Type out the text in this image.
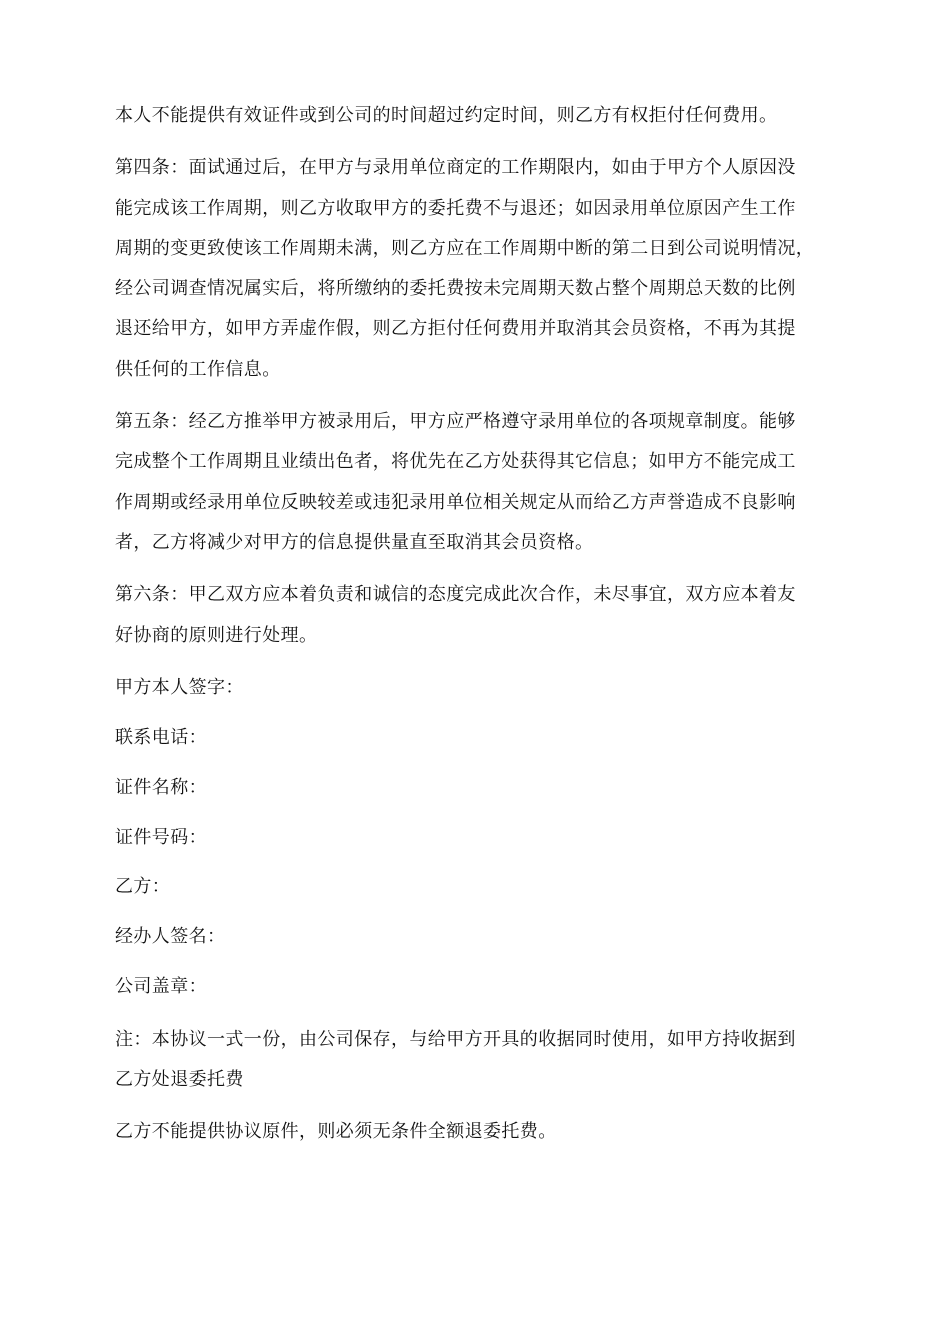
本人不能提供有效证件或到公司的时间超过约定时间，则乙方有权拒付任何费用。
第四条：面试通过后，在甲方与录用单位商定的工作期限内，如由于甲方个人原因没
能完成该工作周期，则乙方收取甲方的委托费不与退还；如因录用单位原因产生工作
周期的变更致使该工作周期未满，则乙方应在工作周期中断的第二日到公司说明情况，
经公司调查情况属实后，将所缴纳的委托费按未完周期天数占整个周期总天数的比例
退还给甲方，如甲方弄虚作假，则乙方拒付任何费用并取消其会员资格，不再为其提
供任何的工作信息。
第五条：经乙方推举甲方被录用后，甲方应严格遵守录用单位的各项规章制度。能够
完成整个工作周期且业绩出色者，将优先在乙方处获得其它信息；如甲方不能完成工
作周期或经录用单位反映较差或违犯录用单位相关规定从而给乙方声誉造成不良影响
者，乙方将减少对甲方的信息提供量直至取消其会员资格。
第六条：甲乙双方应本着负责和诚信的态度完成此次合作，未尽事宜，双方应本着友
好协商的原则进行处理。
甲方本人签字：
联系电话：
证件名称：
证件号码：
乙方：
经办人签名：
公司盖章：
注：本协议一式一份，由公司保存，与给甲方开具的收据同时使用，如甲方持收据到
乙方处退委托费
乙方不能提供协议原件，则必须无条件全额退委托费。
